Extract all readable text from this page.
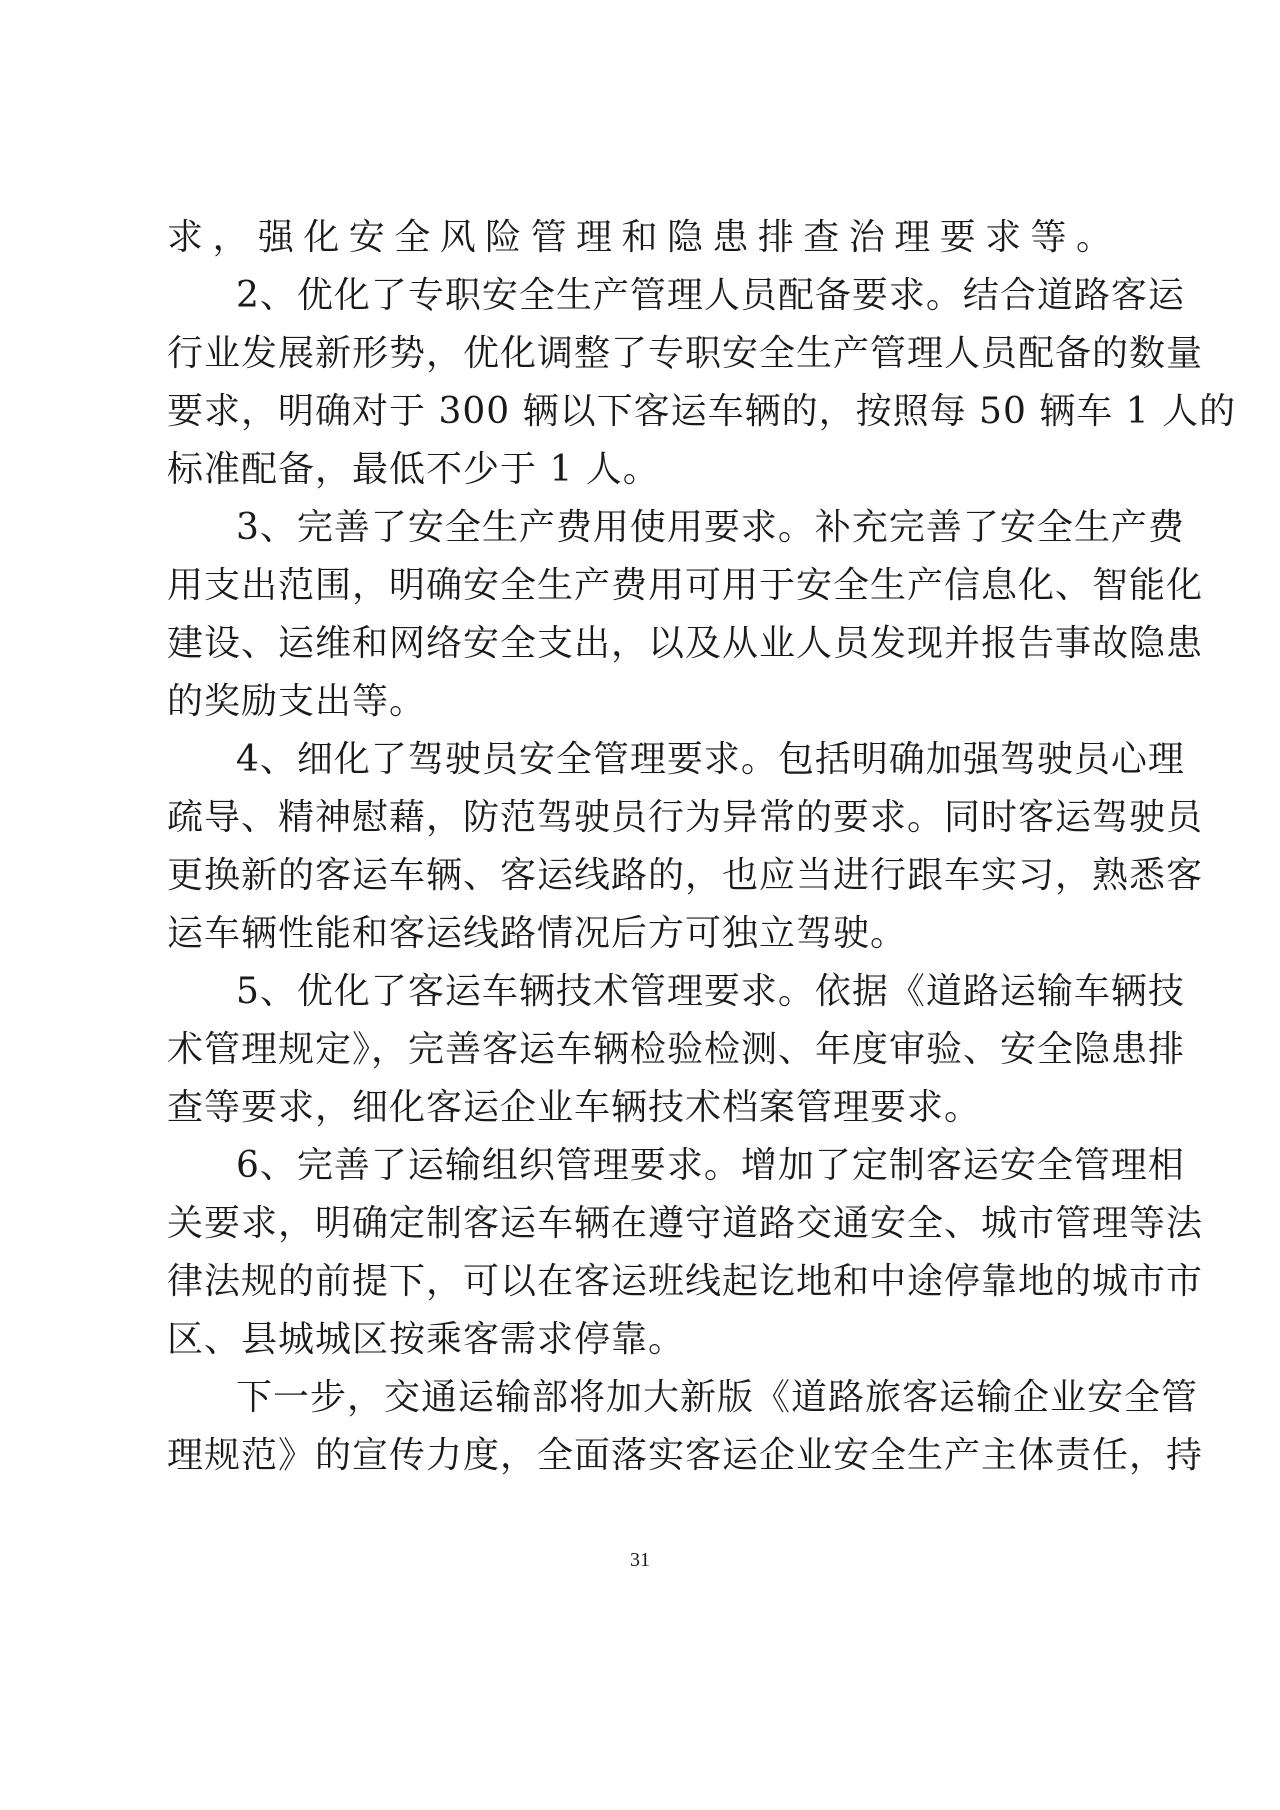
求，强化安全风险管理和隐患排查治理要求等。
2、优化了专职安全生产管理人员配备要求。结合道路客运
行业发展新形势，优化调整了专职安全生产管理人员配备的数量
要求，明确对于 300 辆以下客运车辆的，按照每 50 辆车 1 人的
标准配备，最低不少于 1 人。
3、完善了安全生产费用使用要求。补充完善了安全生产费
用支出范围，明确安全生产费用可用于安全生产信息化、智能化
建设、运维和网络安全支出，以及从业人员发现并报告事故隐患
的奖励支出等。
4、细化了驾驶员安全管理要求。包括明确加强驾驶员心理
疏导、精神慰藉，防范驾驶员行为异常的要求。同时客运驾驶员
更换新的客运车辆、客运线路的，也应当进行跟车实习，熟悉客
运车辆性能和客运线路情况后方可独立驾驶。
5、优化了客运车辆技术管理要求。依据《道路运输车辆技
术管理规定》，完善客运车辆检验检测、年度审验、安全隐患排
查等要求，细化客运企业车辆技术档案管理要求。
6、完善了运输组织管理要求。增加了定制客运安全管理相
关要求，明确定制客运车辆在遵守道路交通安全、城市管理等法
律法规的前提下，可以在客运班线起讫地和中途停靠地的城市市
区、县城城区按乘客需求停靠。
下一步，交通运输部将加大新版《道路旅客运输企业安全管
理规范》的宣传力度，全面落实客运企业安全生产主体责任，持
31
